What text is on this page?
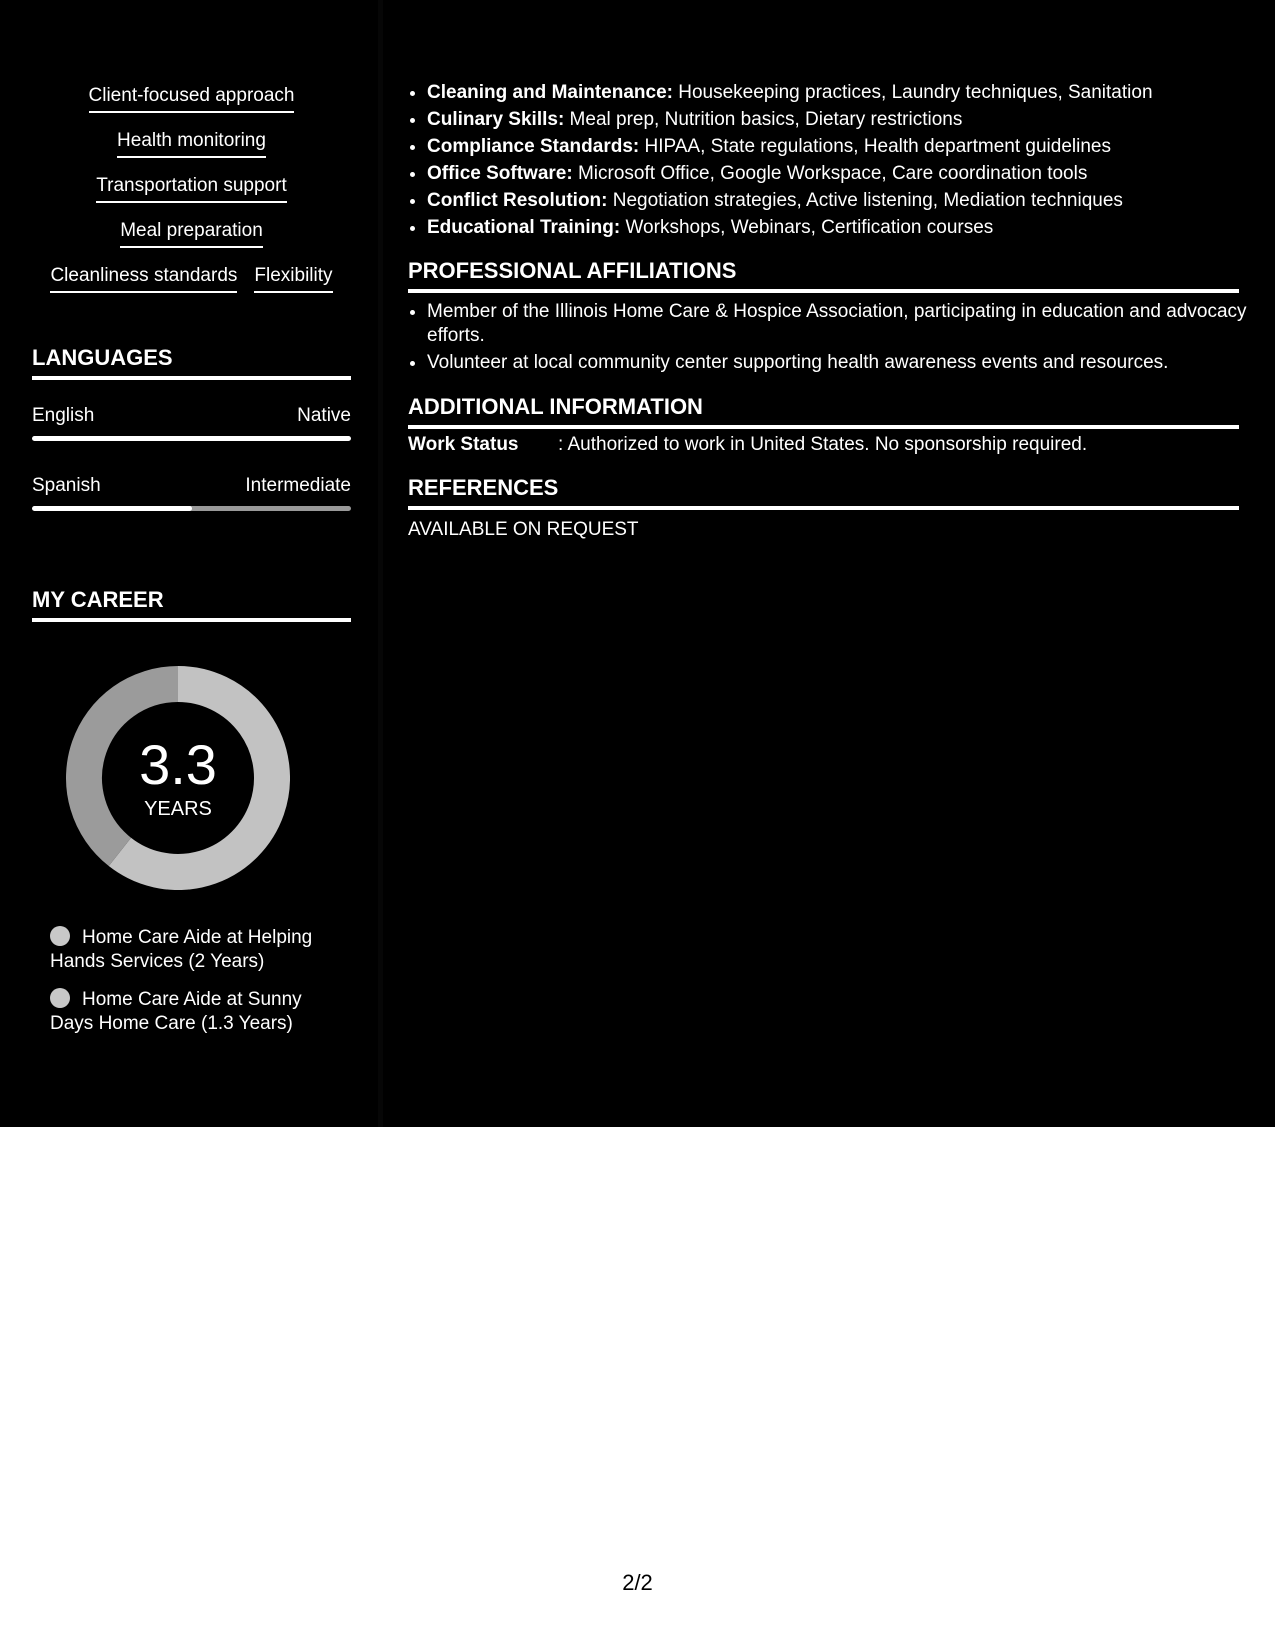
Client-focused approach
Health monitoring
Transportation support
Meal preparation
Cleanliness standards Flexibility
LANGUAGES
English	Native
Spanish	Intermediate
MY CAREER
3.3
YEARS
Home Care Aide at Helping Hands Services (2 Years)
Home Care Aide at Sunny Days Home Care (1.3 Years)
• Cleaning and Maintenance: Housekeeping practices, Laundry techniques, Sanitation
• Culinary Skills: Meal prep, Nutrition basics, Dietary restrictions
• Compliance Standards: HIPAA, State regulations, Health department guidelines
• Office Software: Microsoft Office, Google Workspace, Care coordination tools
• Conflict Resolution: Negotiation strategies, Active listening, Mediation techniques
• Educational Training: Workshops, Webinars, Certification courses
PROFESSIONAL AFFILIATIONS
• Member of the Illinois Home Care & Hospice Association, participating in education and advocacy efforts.
• Volunteer at local community center supporting health awareness events and resources.
ADDITIONAL INFORMATION
Work Status	: Authorized to work in United States. No sponsorship required.
REFERENCES
AVAILABLE ON REQUEST
2/2
